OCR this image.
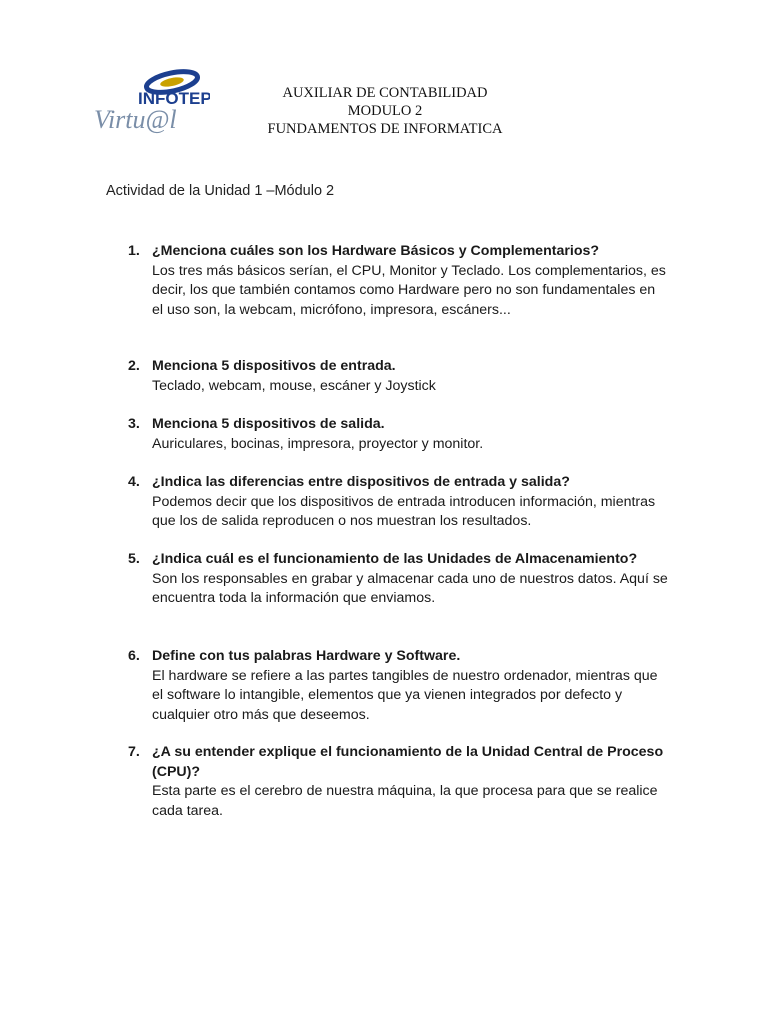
INFOTEP
Virtu@l
AUXILIAR DE CONTABILIDAD
MODULO 2
FUNDAMENTOS DE INFORMATICA
Actividad de la Unidad 1 –Módulo 2
1. ¿Menciona cuáles son los Hardware Básicos y Complementarios?
Los tres más básicos serían, el CPU, Monitor y Teclado. Los complementarios, es decir, los que también contamos como Hardware pero no son fundamentales en el uso son, la webcam, micrófono, impresora, escáners...
2. Menciona 5 dispositivos de entrada.
Teclado, webcam, mouse, escáner y Joystick
3. Menciona 5 dispositivos de salida.
Auriculares, bocinas, impresora, proyector y monitor.
4. ¿Indica las diferencias entre dispositivos de entrada y salida?
Podemos decir que los dispositivos de entrada introducen información, mientras que los de salida reproducen o nos muestran los resultados.
5. ¿Indica cuál es el funcionamiento de las Unidades de Almacenamiento?
Son los responsables en grabar y almacenar cada uno de nuestros datos. Aquí se encuentra toda la información que enviamos.
6. Define con tus palabras Hardware y Software.
El hardware se refiere a las partes tangibles de nuestro ordenador, mientras que el software lo intangible, elementos que ya vienen integrados por defecto y cualquier otro más que deseemos.
7. ¿A su entender explique el funcionamiento de la Unidad Central de Proceso (CPU)?
Esta parte es el cerebro de nuestra máquina, la que procesa para que se realice cada tarea.
